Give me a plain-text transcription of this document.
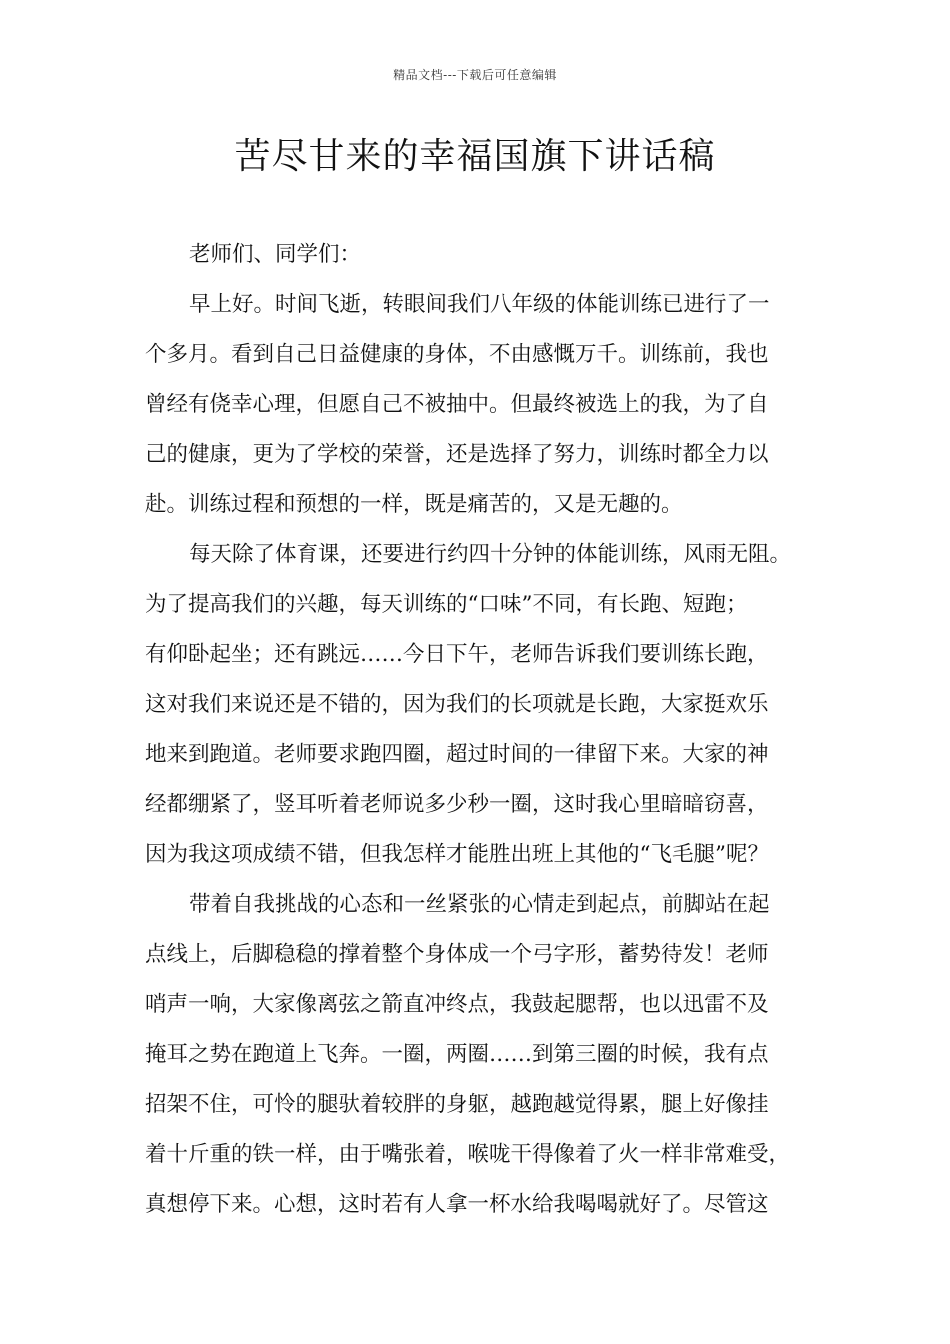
精品文档---下载后可任意编辑
苦尽甘来的幸福国旗下讲话稿
老师们、同学们：
早上好。时间飞逝，转眼间我们八年级的体能训练已进行了一
个多月。看到自己日益健康的身体，不由感慨万千。训练前，我也
曾经有侥幸心理，但愿自己不被抽中。但最终被选上的我，为了自
己的健康，更为了学校的荣誉，还是选择了努力，训练时都全力以
赴。训练过程和预想的一样，既是痛苦的，又是无趣的。
每天除了体育课，还要进行约四十分钟的体能训练，风雨无阻。
为了提高我们的兴趣，每天训练的“口味”不同，有长跑、短跑；
有仰卧起坐；还有跳远……今日下午，老师告诉我们要训练长跑，
这对我们来说还是不错的，因为我们的长项就是长跑，大家挺欢乐
地来到跑道。老师要求跑四圈，超过时间的一律留下来。大家的神
经都绷紧了，竖耳听着老师说多少秒一圈，这时我心里暗暗窃喜，
因为我这项成绩不错，但我怎样才能胜出班上其他的“飞毛腿”呢？
带着自我挑战的心态和一丝紧张的心情走到起点，前脚站在起
点线上，后脚稳稳的撑着整个身体成一个弓字形，蓄势待发！老师
哨声一响，大家像离弦之箭直冲终点，我鼓起腮帮，也以迅雷不及
掩耳之势在跑道上飞奔。一圈，两圈……到第三圈的时候，我有点
招架不住，可怜的腿驮着较胖的身躯，越跑越觉得累，腿上好像挂
着十斤重的铁一样，由于嘴张着，喉咙干得像着了火一样非常难受，
真想停下来。心想，这时若有人拿一杯水给我喝喝就好了。尽管这
